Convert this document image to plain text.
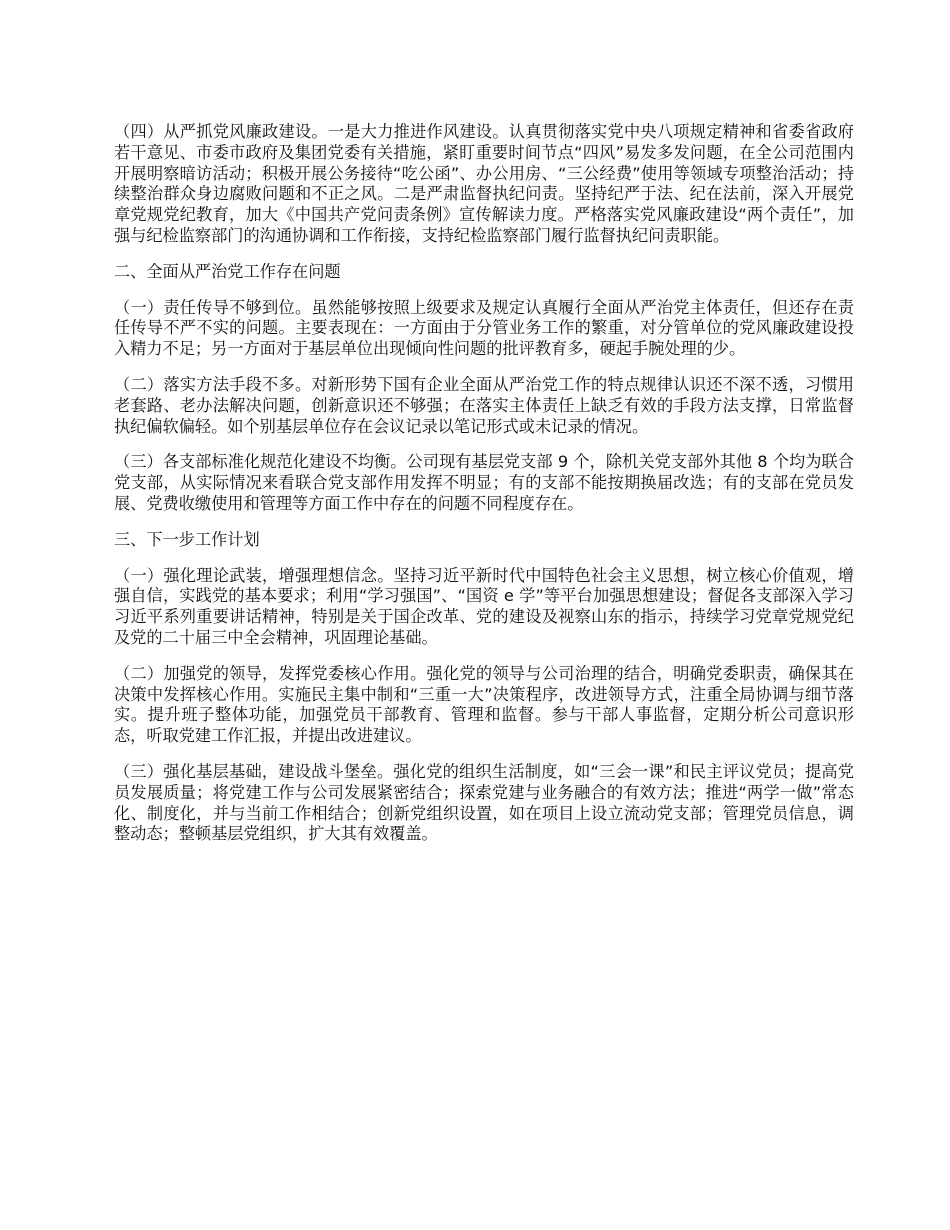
（四）从严抓党风廉政建设。一是大力推进作风建设。认真贯彻落实党中央八项规定精神和省委省政府若干意见、市委市政府及集团党委有关措施，紧盯重要时间节点“四风”易发多发问题，在全公司范围内开展明察暗访活动；积极开展公务接待“吃公函”、办公用房、“三公经费”使用等领域专项整治活动；持续整治群众身边腐败问题和不正之风。二是严肃监督执纪问责。坚持纪严于法、纪在法前，深入开展党章党规党纪教育，加大《中国共产党问责条例》宣传解读力度。严格落实党风廉政建设“两个责任”，加强与纪检监察部门的沟通协调和工作衔接，支持纪检监察部门履行监督执纪问责职能。

二、全面从严治党工作存在问题

（一）责任传导不够到位。虽然能够按照上级要求及规定认真履行全面从严治党主体责任，但还存在责任传导不严不实的问题。主要表现在：一方面由于分管业务工作的繁重，对分管单位的党风廉政建设投入精力不足；另一方面对于基层单位出现倾向性问题的批评教育多，硬起手腕处理的少。

（二）落实方法手段不多。对新形势下国有企业全面从严治党工作的特点规律认识还不深不透，习惯用老套路、老办法解决问题，创新意识还不够强；在落实主体责任上缺乏有效的手段方法支撑，日常监督执纪偏软偏轻。如个别基层单位存在会议记录以笔记形式或未记录的情况。

（三）各支部标准化规范化建设不均衡。公司现有基层党支部 9 个，除机关党支部外其他 8 个均为联合党支部，从实际情况来看联合党支部作用发挥不明显；有的支部不能按期换届改选；有的支部在党员发展、党费收缴使用和管理等方面工作中存在的问题不同程度存在。

三、下一步工作计划

（一）强化理论武装，增强理想信念。坚持习近平新时代中国特色社会主义思想，树立核心价值观，增强自信，实践党的基本要求；利用“学习强国”、“国资 e 学”等平台加强思想建设；督促各支部深入学习习近平系列重要讲话精神，特别是关于国企改革、党的建设及视察山东的指示，持续学习党章党规党纪及党的二十届三中全会精神，巩固理论基础。

（二）加强党的领导，发挥党委核心作用。强化党的领导与公司治理的结合，明确党委职责，确保其在决策中发挥核心作用。实施民主集中制和“三重一大”决策程序，改进领导方式，注重全局协调与细节落实。提升班子整体功能，加强党员干部教育、管理和监督。参与干部人事监督，定期分析公司意识形态，听取党建工作汇报，并提出改进建议。

（三）强化基层基础，建设战斗堡垒。强化党的组织生活制度，如“三会一课”和民主评议党员；提高党员发展质量；将党建工作与公司发展紧密结合；探索党建与业务融合的有效方法；推进“两学一做”常态化、制度化，并与当前工作相结合；创新党组织设置，如在项目上设立流动党支部；管理党员信息，调整动态；整顿基层党组织，扩大其有效覆盖。
